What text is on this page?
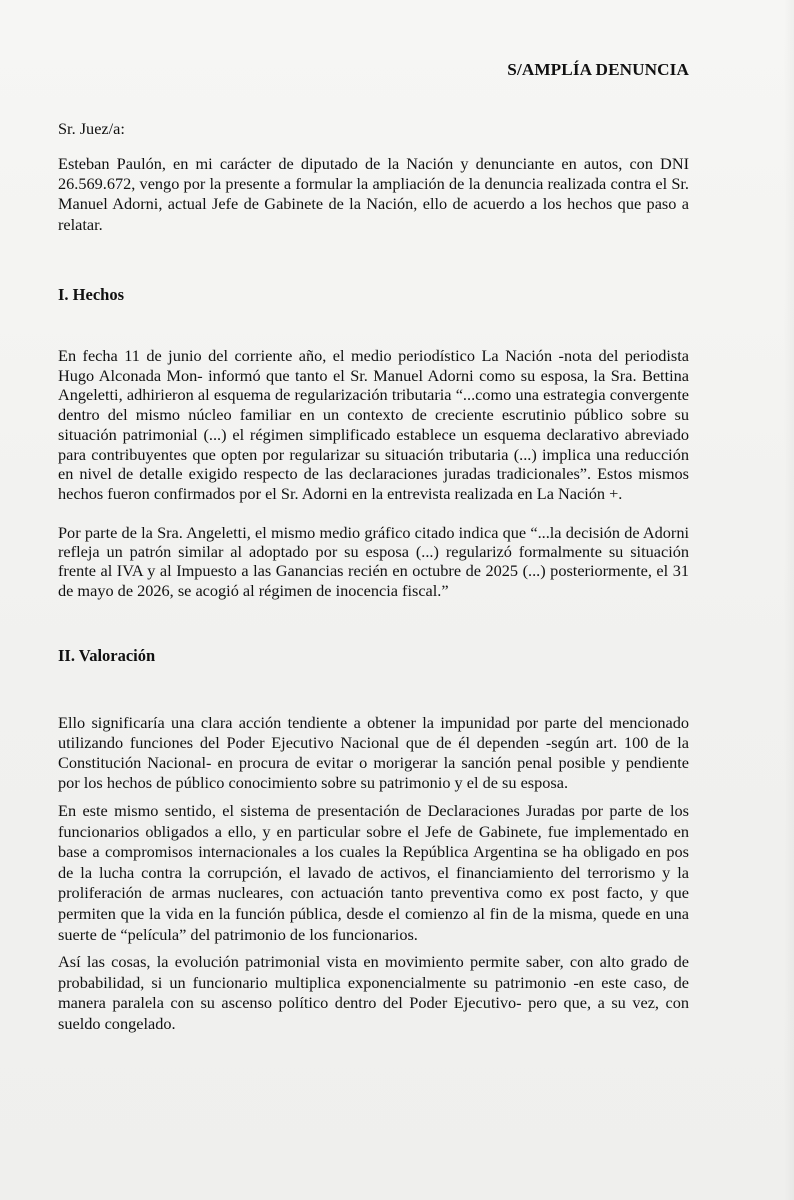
S/AMPLÍA DENUNCIA

Sr. Juez/a:

Esteban Paulón, en mi carácter de diputado de la Nación y denunciante en autos, con DNI 26.569.672, vengo por la presente a formular la ampliación de la denuncia realizada contra el Sr. Manuel Adorni, actual Jefe de Gabinete de la Nación, ello de acuerdo a los hechos que paso a relatar.

I. Hechos

En fecha 11 de junio del corriente año, el medio periodístico La Nación -nota del periodista Hugo Alconada Mon- informó que tanto el Sr. Manuel Adorni como su esposa, la Sra. Bettina Angeletti, adhirieron al esquema de regularización tributaria “...como una estrategia convergente dentro del mismo núcleo familiar en un contexto de creciente escrutinio público sobre su situación patrimonial (...) el régimen simplificado establece un esquema declarativo abreviado para contribuyentes que opten por regularizar su situación tributaria (...) implica una reducción en nivel de detalle exigido respecto de las declaraciones juradas tradicionales”. Estos mismos hechos fueron confirmados por el Sr. Adorni en la entrevista realizada en La Nación +.

Por parte de la Sra. Angeletti, el mismo medio gráfico citado indica que “...la decisión de Adorni refleja un patrón similar al adoptado por su esposa (...) regularizó formalmente su situación frente al IVA y al Impuesto a las Ganancias recién en octubre de 2025 (...) posteriormente, el 31 de mayo de 2026, se acogió al régimen de inocencia fiscal.”

II. Valoración

Ello significaría una clara acción tendiente a obtener la impunidad por parte del mencionado utilizando funciones del Poder Ejecutivo Nacional que de él dependen -según art. 100 de la Constitución Nacional- en procura de evitar o morigerar la sanción penal posible y pendiente por los hechos de público conocimiento sobre su patrimonio y el de su esposa.

En este mismo sentido, el sistema de presentación de Declaraciones Juradas por parte de los funcionarios obligados a ello, y en particular sobre el Jefe de Gabinete, fue implementado en base a compromisos internacionales a los cuales la República Argentina se ha obligado en pos de la lucha contra la corrupción, el lavado de activos, el financiamiento del terrorismo y la proliferación de armas nucleares, con actuación tanto preventiva como ex post facto, y que permiten que la vida en la función pública, desde el comienzo al fin de la misma, quede en una suerte de “película” del patrimonio de los funcionarios.

Así las cosas, la evolución patrimonial vista en movimiento permite saber, con alto grado de probabilidad, si un funcionario multiplica exponencialmente su patrimonio -en este caso, de manera paralela con su ascenso político dentro del Poder Ejecutivo- pero que, a su vez, con sueldo congelado.
